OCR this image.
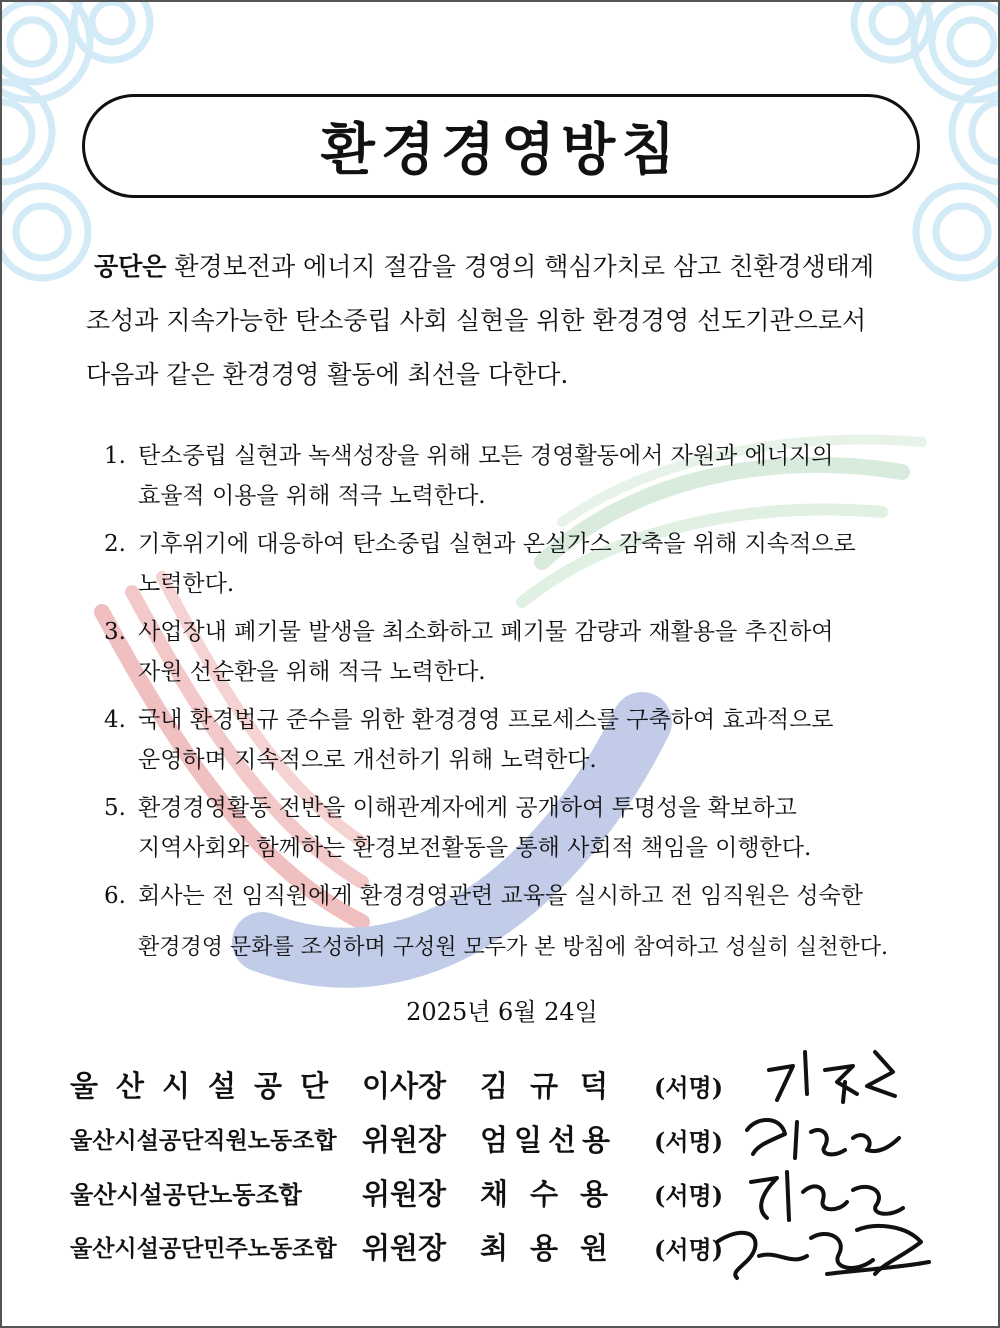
환경경영방침
공단은 환경보전과 에너지 절감을 경영의 핵심가치로 삼고 친환경생태계
조성과 지속가능한 탄소중립 사회 실현을 위한 환경경영 선도기관으로서
다음과 같은 환경경영 활동에 최선을 다한다.
1. 탄소중립 실현과 녹색성장을 위해 모든 경영활동에서 자원과 에너지의
효율적 이용을 위해 적극 노력한다.
2. 기후위기에 대응하여 탄소중립 실현과 온실가스 감축을 위해 지속적으로
노력한다.
3. 사업장내 폐기물 발생을 최소화하고 폐기물 감량과 재활용을 추진하여
자원 선순환을 위해 적극 노력한다.
4. 국내 환경법규 준수를 위한 환경경영 프로세스를 구축하여 효과적으로
운영하며 지속적으로 개선하기 위해 노력한다.
5. 환경경영활동 전반을 이해관계자에게 공개하여 투명성을 확보하고
지역사회와 함께하는 환경보전활동을 통해 사회적 책임을 이행한다.
6. 회사는 전 임직원에게 환경경영관련 교육을 실시하고 전 임직원은 성숙한
환경경영 문화를 조성하며 구성원 모두가 본 방침에 참여하고 성실히 실천한다.
2025년 6월 24일
울산시설공단 이사장 김규덕 (서명)
울산시설공단직원노동조합 위원장 엄일선용 (서명)
울산시설공단노동조합 위원장 채수용 (서명)
울산시설공단민주노동조합 위원장 최용원 (서명)
